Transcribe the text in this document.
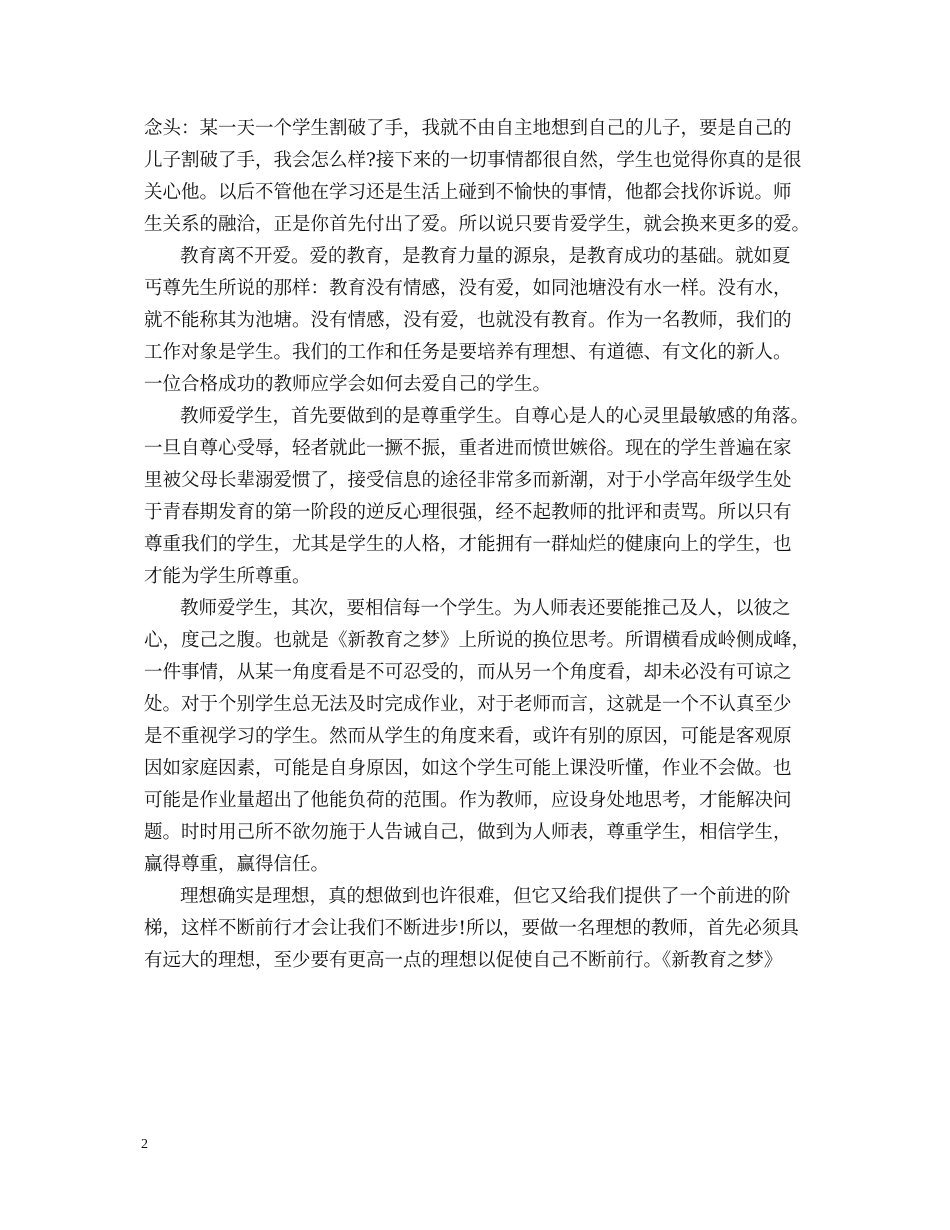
念头：某一天一个学生割破了手，我就不由自主地想到自己的儿子，要是自己的
儿子割破了手，我会怎么样?接下来的一切事情都很自然，学生也觉得你真的是很
关心他。以后不管他在学习还是生活上碰到不愉快的事情，他都会找你诉说。师
生关系的融洽，正是你首先付出了爱。所以说只要肯爱学生，就会换来更多的爱。
教育离不开爱。爱的教育，是教育力量的源泉，是教育成功的基础。就如夏
丐尊先生所说的那样：教育没有情感，没有爱，如同池塘没有水一样。没有水，
就不能称其为池塘。没有情感，没有爱，也就没有教育。作为一名教师，我们的
工作对象是学生。我们的工作和任务是要培养有理想、有道德、有文化的新人。
一位合格成功的教师应学会如何去爱自己的学生。
教师爱学生，首先要做到的是尊重学生。自尊心是人的心灵里最敏感的角落。
一旦自尊心受辱，轻者就此一撅不振，重者进而愤世嫉俗。现在的学生普遍在家
里被父母长辈溺爱惯了，接受信息的途径非常多而新潮，对于小学高年级学生处
于青春期发育的第一阶段的逆反心理很强，经不起教师的批评和责骂。所以只有
尊重我们的学生，尤其是学生的人格，才能拥有一群灿烂的健康向上的学生，也
才能为学生所尊重。
教师爱学生，其次，要相信每一个学生。为人师表还要能推己及人，以彼之
心，度己之腹。也就是《新教育之梦》上所说的换位思考。所谓横看成岭侧成峰，
一件事情，从某一角度看是不可忍受的，而从另一个角度看，却未必没有可谅之
处。对于个别学生总无法及时完成作业，对于老师而言，这就是一个不认真至少
是不重视学习的学生。然而从学生的角度来看，或许有别的原因，可能是客观原
因如家庭因素，可能是自身原因，如这个学生可能上课没听懂，作业不会做。也
可能是作业量超出了他能负荷的范围。作为教师，应设身处地思考，才能解决问
题。时时用己所不欲勿施于人告诫自己，做到为人师表，尊重学生，相信学生，
赢得尊重，赢得信任。
理想确实是理想，真的想做到也许很难，但它又给我们提供了一个前进的阶
梯，这样不断前行才会让我们不断进步!所以，要做一名理想的教师，首先必须具
有远大的理想，至少要有更高一点的理想以促使自己不断前行。《新教育之梦》
2
